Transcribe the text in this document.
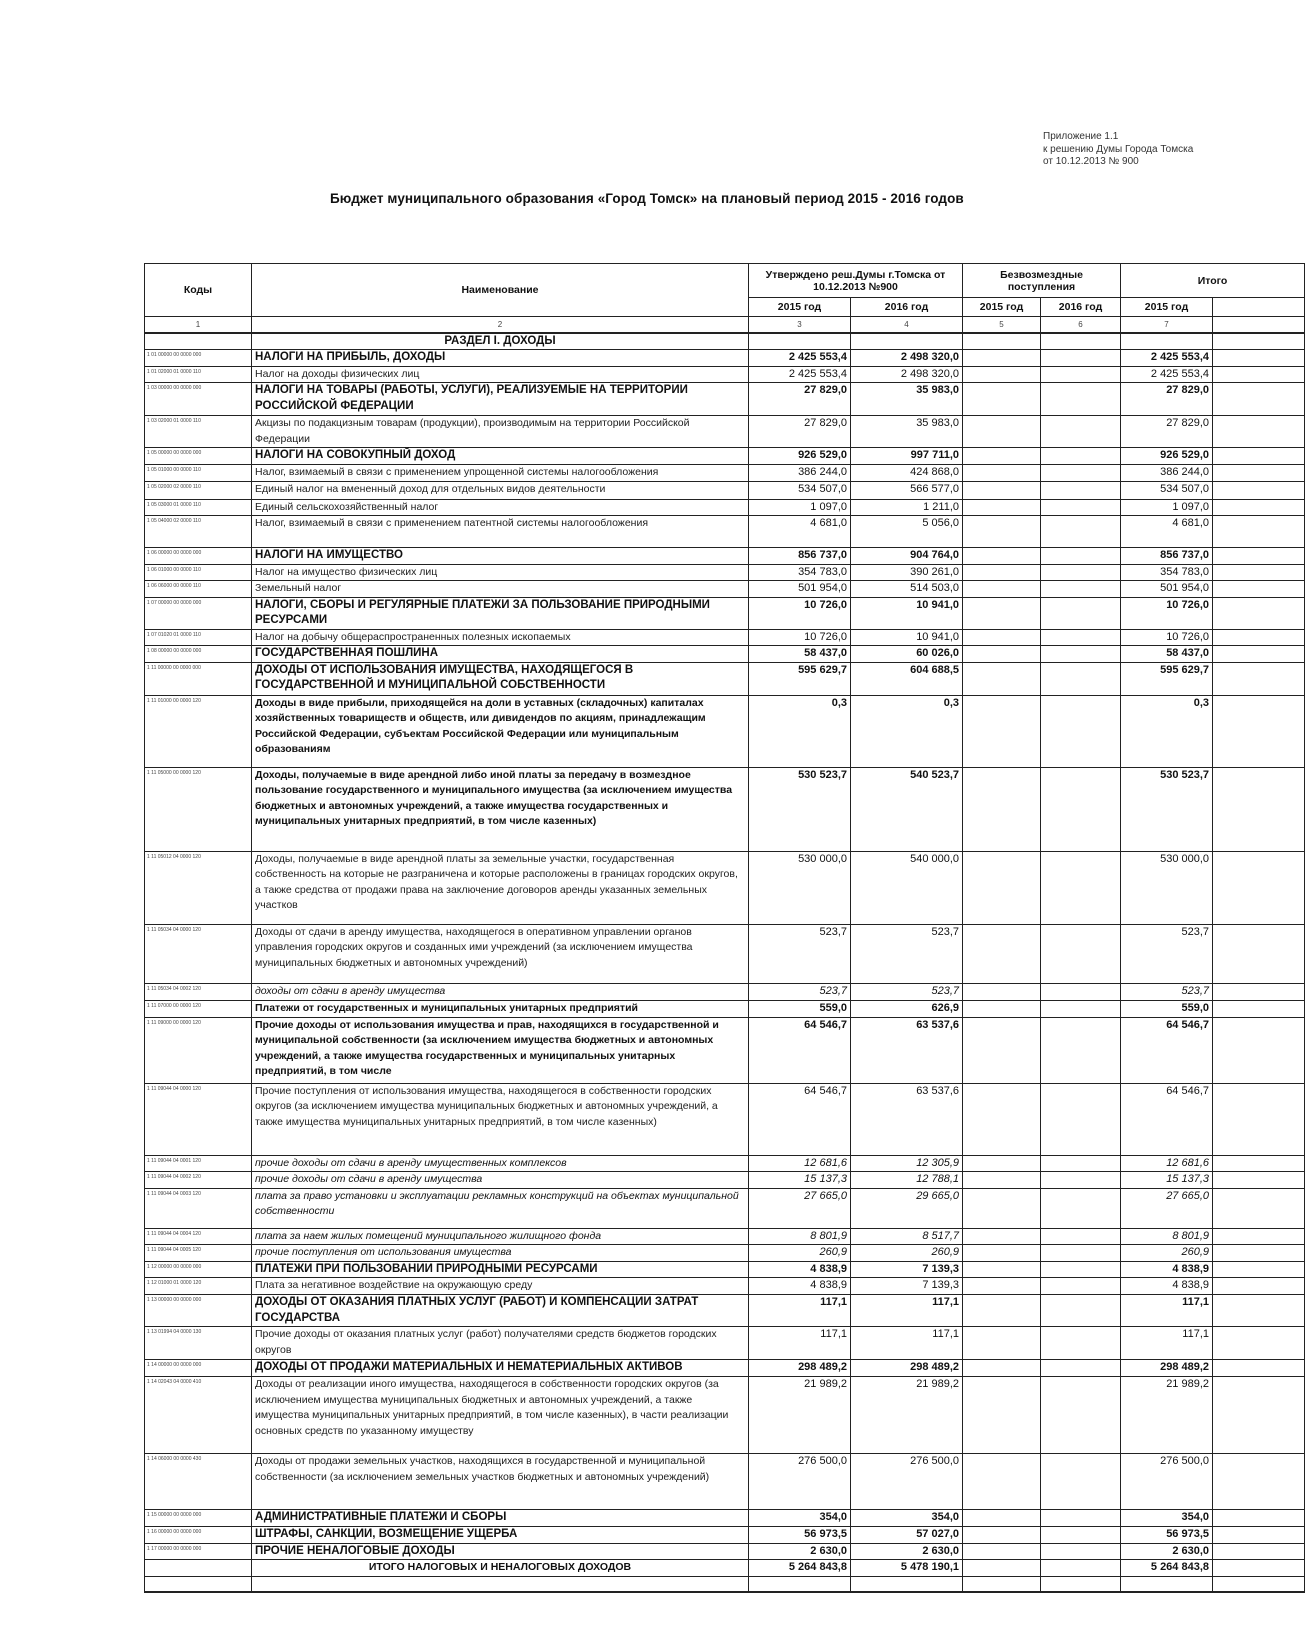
Приложение 1.1
к решению Думы Города Томска
от 10.12.2013 № 900
Бюджет муниципального образования «Город Томск» на плановый период 2015 - 2016 годов
Коды	Наименование	Утверждено реш.Думы г.Томска от 10.12.2013 №900		Безвозмездные поступления		Итого	
		2015 год	2016 год	2015 год	2016 год	2015 год	
1	2	3	4	5	6	7	
	РАЗДЕЛ I. ДОХОДЫ						
1 01 00000 00 0000 000	НАЛОГИ НА ПРИБЫЛЬ, ДОХОДЫ	2 425 553,4	2 498 320,0			2 425 553,4	
1 01 02000 01 0000 110	Налог на доходы физических лиц	2 425 553,4	2 498 320,0			2 425 553,4	
1 03 00000 00 0000 000	НАЛОГИ НА ТОВАРЫ (РАБОТЫ, УСЛУГИ), РЕАЛИЗУЕМЫЕ НА ТЕРРИТОРИИ РОССИЙСКОЙ ФЕДЕРАЦИИ	27 829,0	35 983,0			27 829,0	
1 03 02000 01 0000 110	Акцизы по подакцизным товарам (продукции), производимым на территории Российской Федерации	27 829,0	35 983,0			27 829,0	
1 05 00000 00 0000 000	НАЛОГИ НА СОВОКУПНЫЙ ДОХОД	926 529,0	997 711,0			926 529,0	
1 05 01000 00 0000 110	Налог, взимаемый в связи с применением упрощенной системы налогообложения	386 244,0	424 868,0			386 244,0	
1 05 02000 02 0000 110	Единый налог на вмененный доход для отдельных видов деятельности	534 507,0	566 577,0			534 507,0	
1 05 03000 01 0000 110	Единый сельскохозяйственный налог	1 097,0	1 211,0			1 097,0	
1 05 04000 02 0000 110	Налог, взимаемый в связи с применением патентной системы налогообложения	4 681,0	5 056,0			4 681,0	
1 06 00000 00 0000 000	НАЛОГИ НА ИМУЩЕСТВО	856 737,0	904 764,0			856 737,0	
1 06 01000 00 0000 110	Налог на имущество физических лиц	354 783,0	390 261,0			354 783,0	
1 06 06000 00 0000 110	Земельный налог	501 954,0	514 503,0			501 954,0	
1 07 00000 00 0000 000	НАЛОГИ, СБОРЫ И РЕГУЛЯРНЫЕ ПЛАТЕЖИ ЗА ПОЛЬЗОВАНИЕ ПРИРОДНЫМИ РЕСУРСАМИ	10 726,0	10 941,0			10 726,0	
1 07 01020 01 0000 110	Налог на добычу общераспространенных полезных ископаемых	10 726,0	10 941,0			10 726,0	
1 08 00000 00 0000 000	ГОСУДАРСТВЕННАЯ ПОШЛИНА	58 437,0	60 026,0			58 437,0	
1 11 00000 00 0000 000	ДОХОДЫ ОТ ИСПОЛЬЗОВАНИЯ ИМУЩЕСТВА, НАХОДЯЩЕГОСЯ В ГОСУДАРСТВЕННОЙ И МУНИЦИПАЛЬНОЙ СОБСТВЕННОСТИ	595 629,7	604 688,5			595 629,7	
1 11 01000 00 0000 120	Доходы в виде прибыли, приходящейся на доли в уставных (складочных) капиталах хозяйственных товариществ и обществ, или дивидендов по акциям, принадлежащим Российской Федерации, субъектам Российской Федерации или муниципальным образованиям	0,3	0,3			0,3	
1 11 05000 00 0000 120	Доходы, получаемые в виде арендной либо иной платы за передачу в возмездное пользование государственного и муниципального имущества (за исключением имущества бюджетных и автономных учреждений, а также имущества государственных и муниципальных унитарных предприятий, в том числе казенных)	530 523,7	540 523,7			530 523,7	
1 11 05012 04 0000 120	Доходы, получаемые в виде арендной платы за земельные участки, государственная собственность на которые не разграничена и которые расположены в границах городских округов, а также средства от продажи права на заключение договоров аренды указанных земельных участков	530 000,0	540 000,0			530 000,0	
1 11 05034 04 0000 120	Доходы от сдачи в аренду имущества, находящегося в оперативном управлении органов управления городских округов и созданных ими учреждений (за исключением имущества муниципальных бюджетных и автономных учреждений)	523,7	523,7			523,7	
1 11 05034 04 0002 120	доходы от сдачи в аренду имущества	523,7	523,7			523,7	
1 11 07000 00 0000 120	Платежи от государственных и муниципальных унитарных предприятий	559,0	626,9			559,0	
1 11 09000 00 0000 120	Прочие доходы от использования имущества и прав, находящихся в государственной и муниципальной собственности (за исключением имущества бюджетных и автономных учреждений, а также имущества государственных и муниципальных унитарных предприятий, в том числе	64 546,7	63 537,6			64 546,7	
1 11 09044 04 0000 120	Прочие поступления от использования имущества, находящегося в собственности городских округов (за исключением имущества муниципальных бюджетных и автономных учреждений, а также имущества муниципальных унитарных предприятий, в том числе казенных)	64 546,7	63 537,6			64 546,7	
1 11 09044 04 0001 120	прочие доходы от сдачи в аренду имущественных комплексов	12 681,6	12 305,9			12 681,6	
1 11 09044 04 0002 120	прочие доходы от сдачи в аренду имущества	15 137,3	12 788,1			15 137,3	
1 11 09044 04 0003 120	плата за право установки и эксплуатации рекламных конструкций на объектах муниципальной собственности	27 665,0	29 665,0			27 665,0	
1 11 09044 04 0004 120	плата за наем жилых помещений муниципального жилищного фонда	8 801,9	8 517,7			8 801,9	
1 11 09044 04 0005 120	прочие поступления от использования имущества	260,9	260,9			260,9	
1 12 00000 00 0000 000	ПЛАТЕЖИ ПРИ ПОЛЬЗОВАНИИ ПРИРОДНЫМИ РЕСУРСАМИ	4 838,9	7 139,3			4 838,9	
1 12 01000 01 0000 120	Плата за негативное воздействие на окружающую среду	4 838,9	7 139,3			4 838,9	
1 13 00000 00 0000 000	ДОХОДЫ ОТ ОКАЗАНИЯ ПЛАТНЫХ УСЛУГ (РАБОТ) И КОМПЕНСАЦИИ ЗАТРАТ ГОСУДАРСТВА	117,1	117,1			117,1	
1 13 01994 04 0000 130	Прочие доходы от оказания платных услуг (работ) получателями средств бюджетов городских округов	117,1	117,1			117,1	
1 14 00000 00 0000 000	ДОХОДЫ ОТ ПРОДАЖИ МАТЕРИАЛЬНЫХ И НЕМАТЕРИАЛЬНЫХ АКТИВОВ	298 489,2	298 489,2			298 489,2	
1 14 02043 04 0000 410	Доходы от реализации иного имущества, находящегося в собственности городских округов (за исключением имущества муниципальных бюджетных и автономных учреждений, а также имущества муниципальных унитарных предприятий, в том числе казенных), в части реализации основных средств по указанному имуществу	21 989,2	21 989,2			21 989,2	
1 14 06000 00 0000 430	Доходы от продажи земельных участков, находящихся в государственной и муниципальной собственности (за исключением земельных участков бюджетных и автономных учреждений)	276 500,0	276 500,0			276 500,0	
1 15 00000 00 0000 000	АДМИНИСТРАТИВНЫЕ ПЛАТЕЖИ И СБОРЫ	354,0	354,0			354,0	
1 16 00000 00 0000 000	ШТРАФЫ, САНКЦИИ, ВОЗМЕЩЕНИЕ УЩЕРБА	56 973,5	57 027,0			56 973,5	
1 17 00000 00 0000 000	ПРОЧИЕ НЕНАЛОГОВЫЕ ДОХОДЫ	2 630,0	2 630,0			2 630,0	
	ИТОГО НАЛОГОВЫХ И НЕНАЛОГОВЫХ ДОХОДОВ	5 264 843,8	5 478 190,1			5 264 843,8	
